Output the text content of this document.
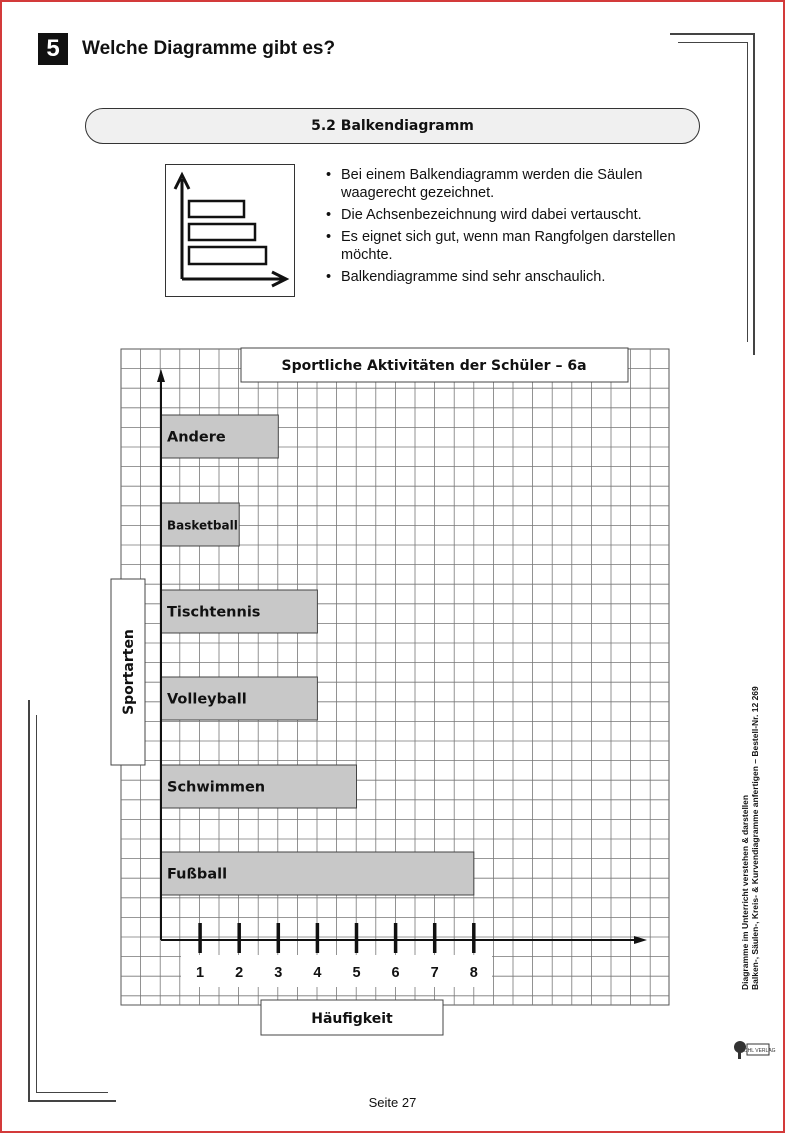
5	Welche Diagramme gibt es?
5.2 Balkendiagramm
• Bei einem Balkendiagramm werden die Säulen waagerecht gezeichnet.
• Die Achsenbezeichnung wird dabei vertauscht.
• Es eignet sich gut, wenn man Rangfolgen darstellen möchte.
• Balkendiagramme sind sehr anschaulich.
Andere
Basketball
Tischtennis
Volleyball
Schwimmen
Fußball
1 2 3 4 5 6 7 8
Sportliche Aktivitäten der Schüler – 6a
Häufigkeit
Sportarten
Seite 27
Diagramme im Unterricht verstehen & darstellen Balken-, Säulen-, Kreis- & Kurvendiagramme anfertigen – Bestell-Nr. 12 269
KOHL VERLAG
